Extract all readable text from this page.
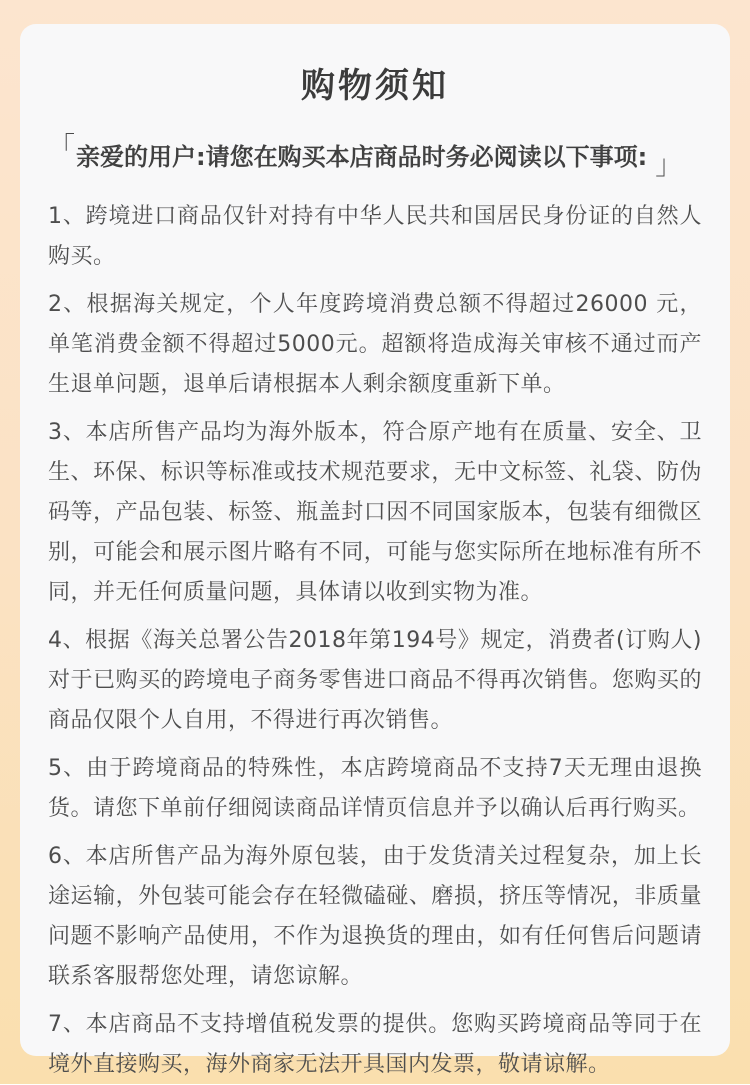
购物须知
「亲爱的用户:请您在购买本店商品时务必阅读以下事项: 」

1、跨境进口商品仅针对持有中华人民共和国居民身份证的自然人购买。

2、根据海关规定，个人年度跨境消费总额不得超过26000 元，单笔消费金额不得超过5000元。超额将造成海关审核不通过而产生退单问题，退单后请根据本人剩余额度重新下单。

3、本店所售产品均为海外版本，符合原产地有在质量、安全、卫生、环保、标识等标准或技术规范要求，无中文标签、礼袋、防伪码等，产品包装、标签、瓶盖封口因不同国家版本，包装有细微区别，可能会和展示图片略有不同，可能与您实际所在地标准有所不同，并无任何质量问题，具体请以收到实物为准。

4、根据《海关总署公告2018年第194号》规定，消费者(订购人)对于已购买的跨境电子商务零售进口商品不得再次销售。您购买的商品仅限个人自用，不得进行再次销售。

5、由于跨境商品的特殊性，本店跨境商品不支持7天无理由退换货。请您下单前仔细阅读商品详情页信息并予以确认后再行购买。

6、本店所售产品为海外原包装，由于发货清关过程复杂，加上长途运输，外包装可能会存在轻微磕碰、磨损，挤压等情况，非质量问题不影响产品使用，不作为退换货的理由，如有任何售后问题请联系客服帮您处理，请您谅解。

7、本店商品不支持增值税发票的提供。您购买跨境商品等同于在境外直接购买，海外商家无法开具国内发票，敬请谅解。
